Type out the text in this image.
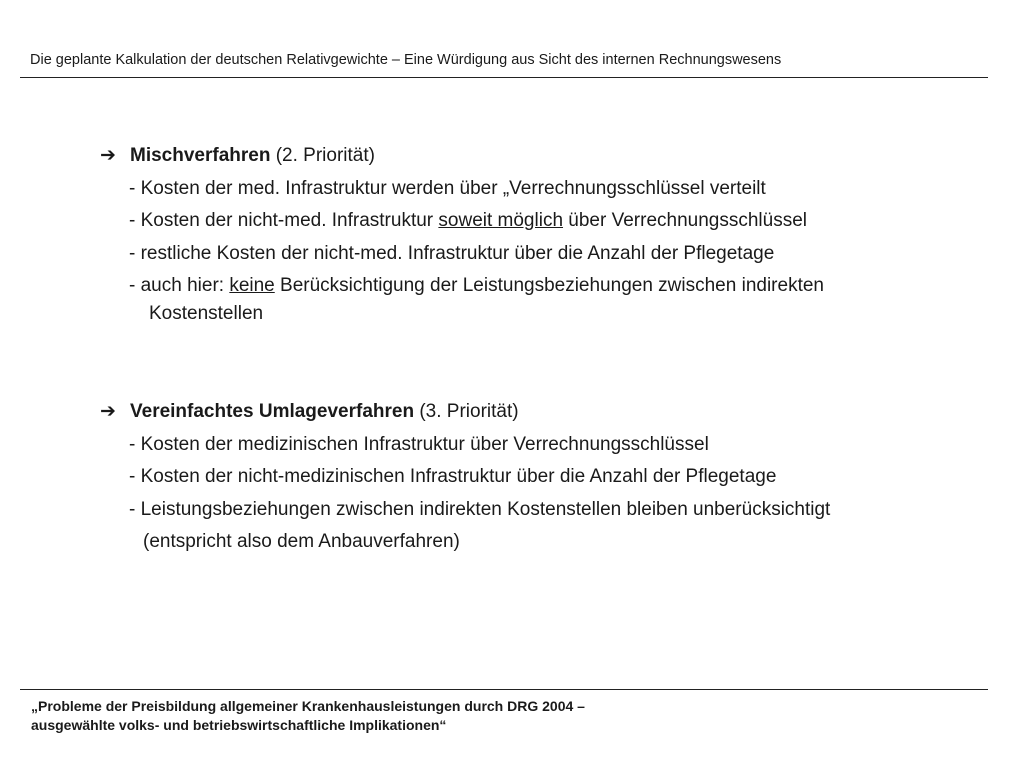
Die geplante Kalkulation der deutschen Relativgewichte – Eine Würdigung aus Sicht des internen Rechnungswesens
➔ Mischverfahren (2. Priorität)
- Kosten der med. Infrastruktur werden über „Verrechnungsschlüssel verteilt
- Kosten der nicht-med. Infrastruktur soweit möglich über Verrechnungsschlüssel
- restliche Kosten der nicht-med. Infrastruktur über die Anzahl der Pflegetage
- auch hier: keine Berücksichtigung der Leistungsbeziehungen zwischen indirekten
Kostenstellen
➔ Vereinfachtes Umlageverfahren (3. Priorität)
- Kosten der medizinischen Infrastruktur über Verrechnungsschlüssel
- Kosten der nicht-medizinischen Infrastruktur über die Anzahl der Pflegetage
- Leistungsbeziehungen zwischen indirekten Kostenstellen bleiben unberücksichtigt
(entspricht also dem Anbauverfahren)
„Probleme der Preisbildung allgemeiner Krankenhausleistungen durch DRG 2004 –
ausgewählte volks- und betriebswirtschaftliche Implikationen“
